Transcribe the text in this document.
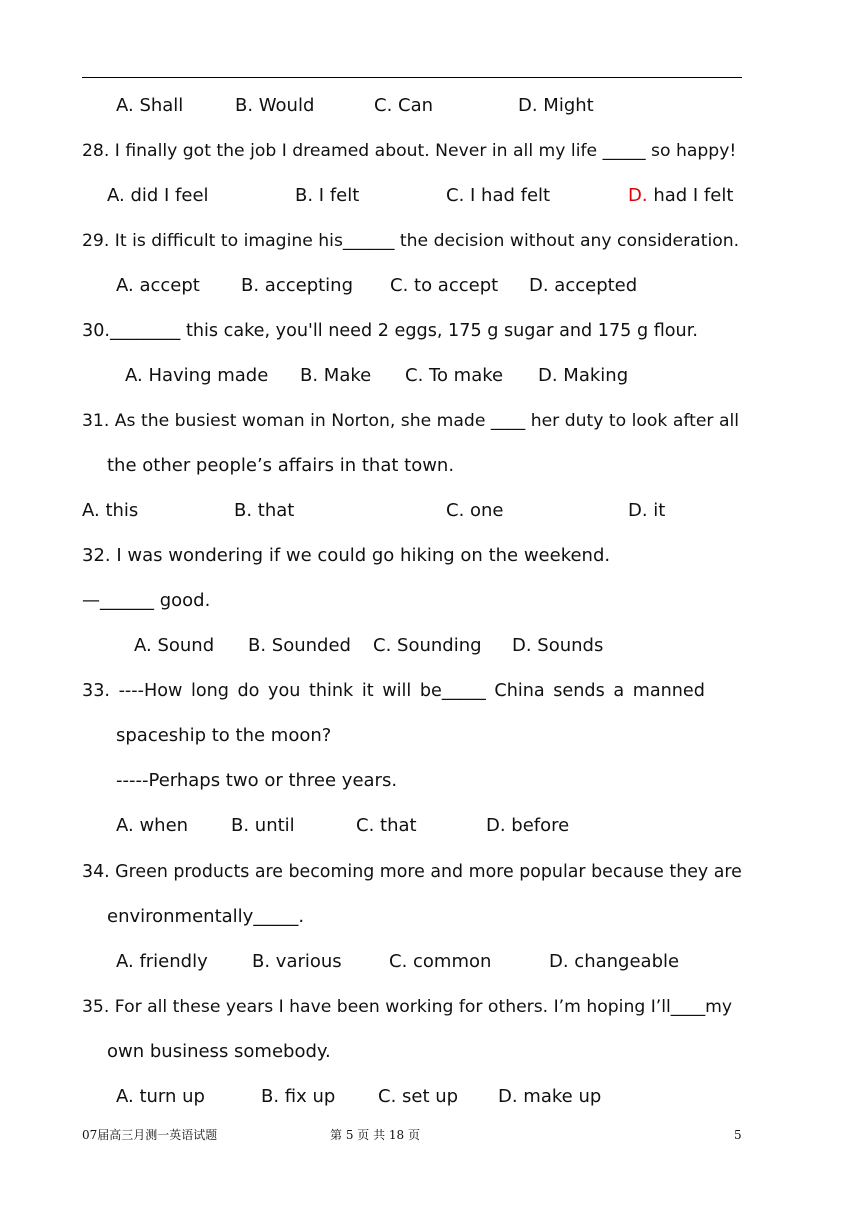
A. Shall	B. Would	C. Can	D. Might
28. I finally got the job I dreamed about. Never in all my life _____ so happy!
A. did I feel	B. I felt	C. I had felt	D. had I felt
29. It is difficult to imagine his______ the decision without any consideration.
A. accept B. accepting C. to accept D. accepted
30.________ this cake, you'll need 2 eggs, 175 g sugar and 175 g flour.
A. Having made B. Make C. To make D. Making
31. As the busiest woman in Norton, she made ____ her duty to look after all
the other people’s affairs in that town.
A. this	B. that	C. one	D. it
32. I was wondering if we could go hiking on the weekend.
—______ good.
A. Sound B. Sounded C. Sounding D. Sounds
33. ----How long do you think it will be_____ China sends a manned
spaceship to the moon?
-----Perhaps two or three years.
A. when B. until	C. that	D. before
34. Green products are becoming more and more popular because they are
environmentally_____.
A. friendly B. various	C. common	D. changeable
35. For all these years I have been working for others. I’m hoping I’ll____my
own business somebody.
A. turn up	B. fix up C. set up D. make up
07届高三月测一英语试题	第 5 页 共 18 页	5
